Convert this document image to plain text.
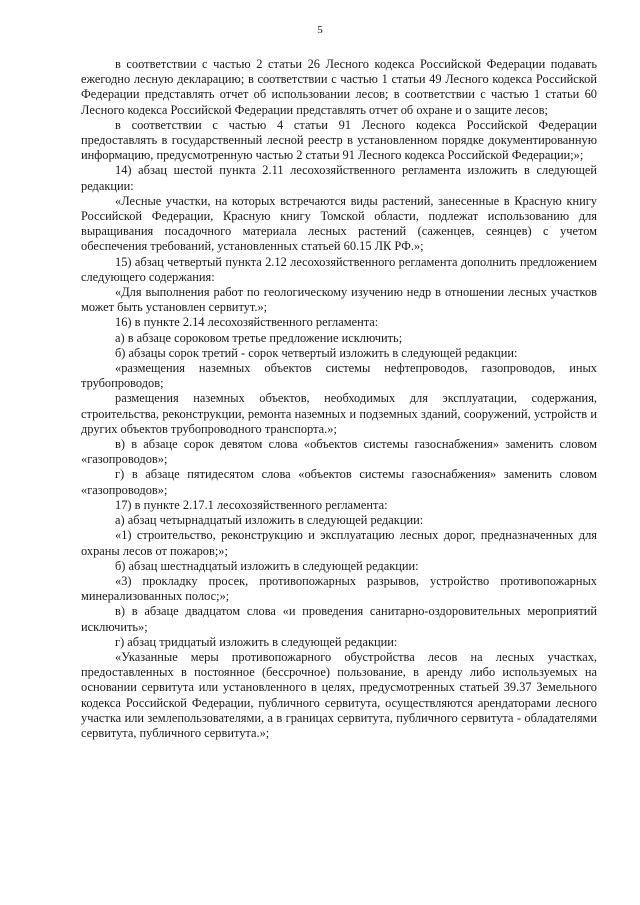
5

в соответствии с частью 2 статьи 26 Лесного кодекса Российской Федерации подавать ежегодно лесную декларацию; в соответствии с частью 1 статьи 49 Лесного кодекса Российской Федерации представлять отчет об использовании лесов; в соответствии с частью 1 статьи 60 Лесного кодекса Российской Федерации представлять отчет об охране и о защите лесов;

в соответствии с частью 4 статьи 91 Лесного кодекса Российской Федерации предоставлять в государственный лесной реестр в установленном порядке документированную информацию, предусмотренную частью 2 статьи 91 Лесного кодекса Российской Федерации;»;

14) абзац шестой пункта 2.11 лесохозяйственного регламента изложить в следующей редакции:

«Лесные участки, на которых встречаются виды растений, занесенные в Красную книгу Российской Федерации, Красную книгу Томской области, подлежат использованию для выращивания посадочного материала лесных растений (саженцев, сеянцев) с учетом обеспечения требований, установленных статьей 60.15 ЛК РФ.»;

15) абзац четвертый пункта 2.12 лесохозяйственного регламента дополнить предложением следующего содержания:

«Для выполнения работ по геологическому изучению недр в отношении лесных участков может быть установлен сервитут.»;

16) в пункте 2.14 лесохозяйственного регламента:

а) в абзаце сороковом третье предложение исключить;

б) абзацы сорок третий - сорок четвертый изложить в следующей редакции:

«размещения наземных объектов системы нефтепроводов, газопроводов, иных трубопроводов;

размещения наземных объектов, необходимых для эксплуатации, содержания, строительства, реконструкции, ремонта наземных и подземных зданий, сооружений, устройств и других объектов трубопроводного транспорта.»;

в) в абзаце сорок девятом слова «объектов системы газоснабжения» заменить словом «газопроводов»;

г) в абзаце пятидесятом слова «объектов системы газоснабжения» заменить словом «газопроводов»;

17) в пункте 2.17.1 лесохозяйственного регламента:

а) абзац четырнадцатый изложить в следующей редакции:

«1) строительство, реконструкцию и эксплуатацию лесных дорог, предназначенных для охраны лесов от пожаров;»;

б) абзац шестнадцатый изложить в следующей редакции:

«3) прокладку просек, противопожарных разрывов, устройство противопожарных минерализованных полос;»;

в) в абзаце двадцатом слова «и проведения санитарно-оздоровительных мероприятий исключить»;

г) абзац тридцатый изложить в следующей редакции:

«Указанные меры противопожарного обустройства лесов на лесных участках, предоставленных в постоянное (бессрочное) пользование, в аренду либо используемых на основании сервитута или установленного в целях, предусмотренных статьей 39.37 Земельного кодекса Российской Федерации, публичного сервитута, осуществляются арендаторами лесного участка или землепользователями, а в границах сервитута, публичного сервитута - обладателями сервитута, публичного сервитута.»;
